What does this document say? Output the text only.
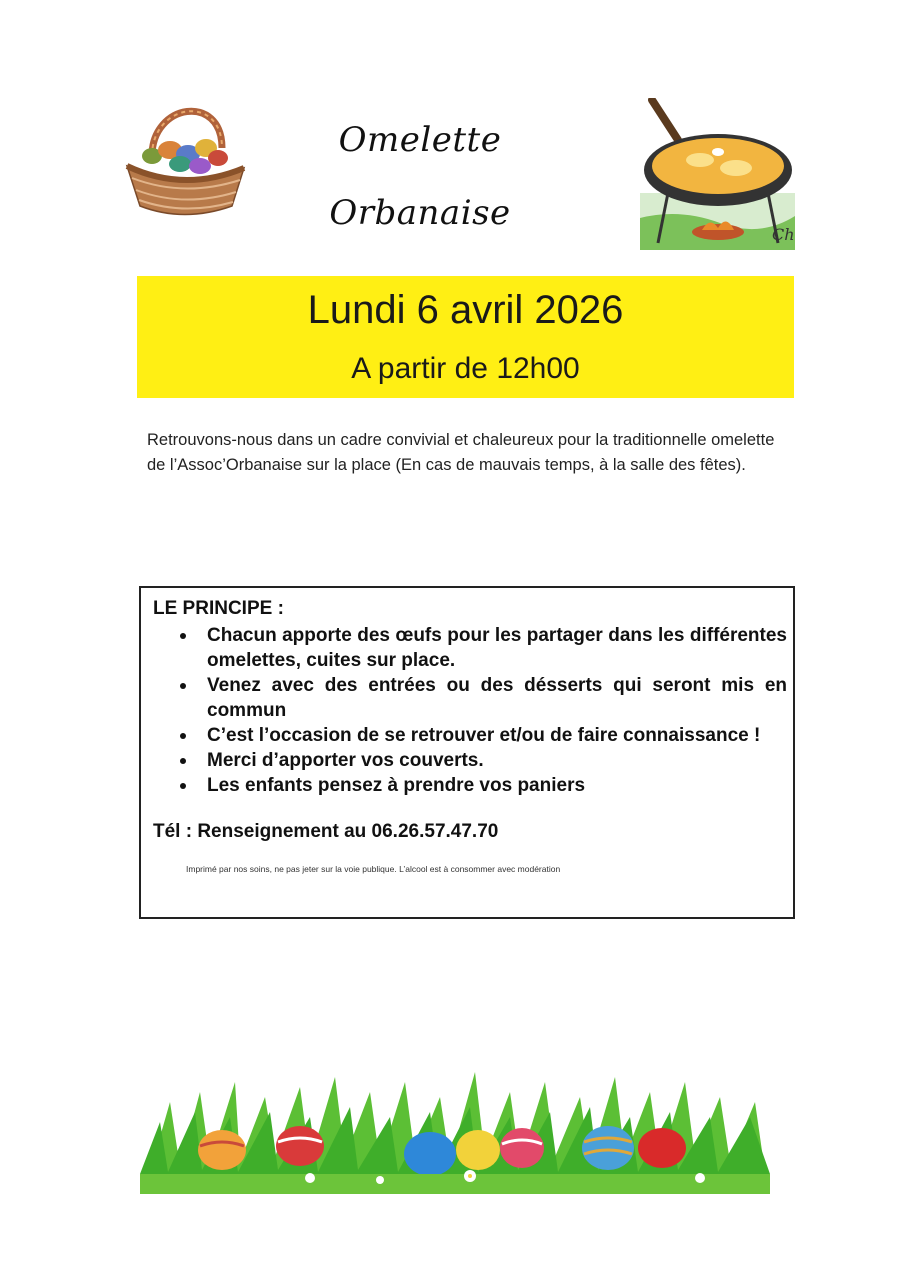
Omelette
Orbanaise
Ch
Lundi 6 avril 2026
A partir de 12h00
Retrouvons-nous dans un cadre convivial et chaleureux pour la traditionnelle omelette de l’Assoc’Orbanaise sur la place (En cas de mauvais temps, à la salle des fêtes).
LE PRINCIPE :
Chacun apporte des œufs pour les partager dans les différentes omelettes, cuites sur place.
Venez avec des entrées ou des désserts qui seront mis en commun
C’est l’occasion de se retrouver et/ou de faire connaissance !
Merci d’apporter vos couverts.
Les enfants pensez à prendre vos paniers
Tél : Renseignement au 06.26.57.47.70
Imprimé par nos soins, ne pas jeter sur la voie publique. L’alcool est à consommer avec modération
